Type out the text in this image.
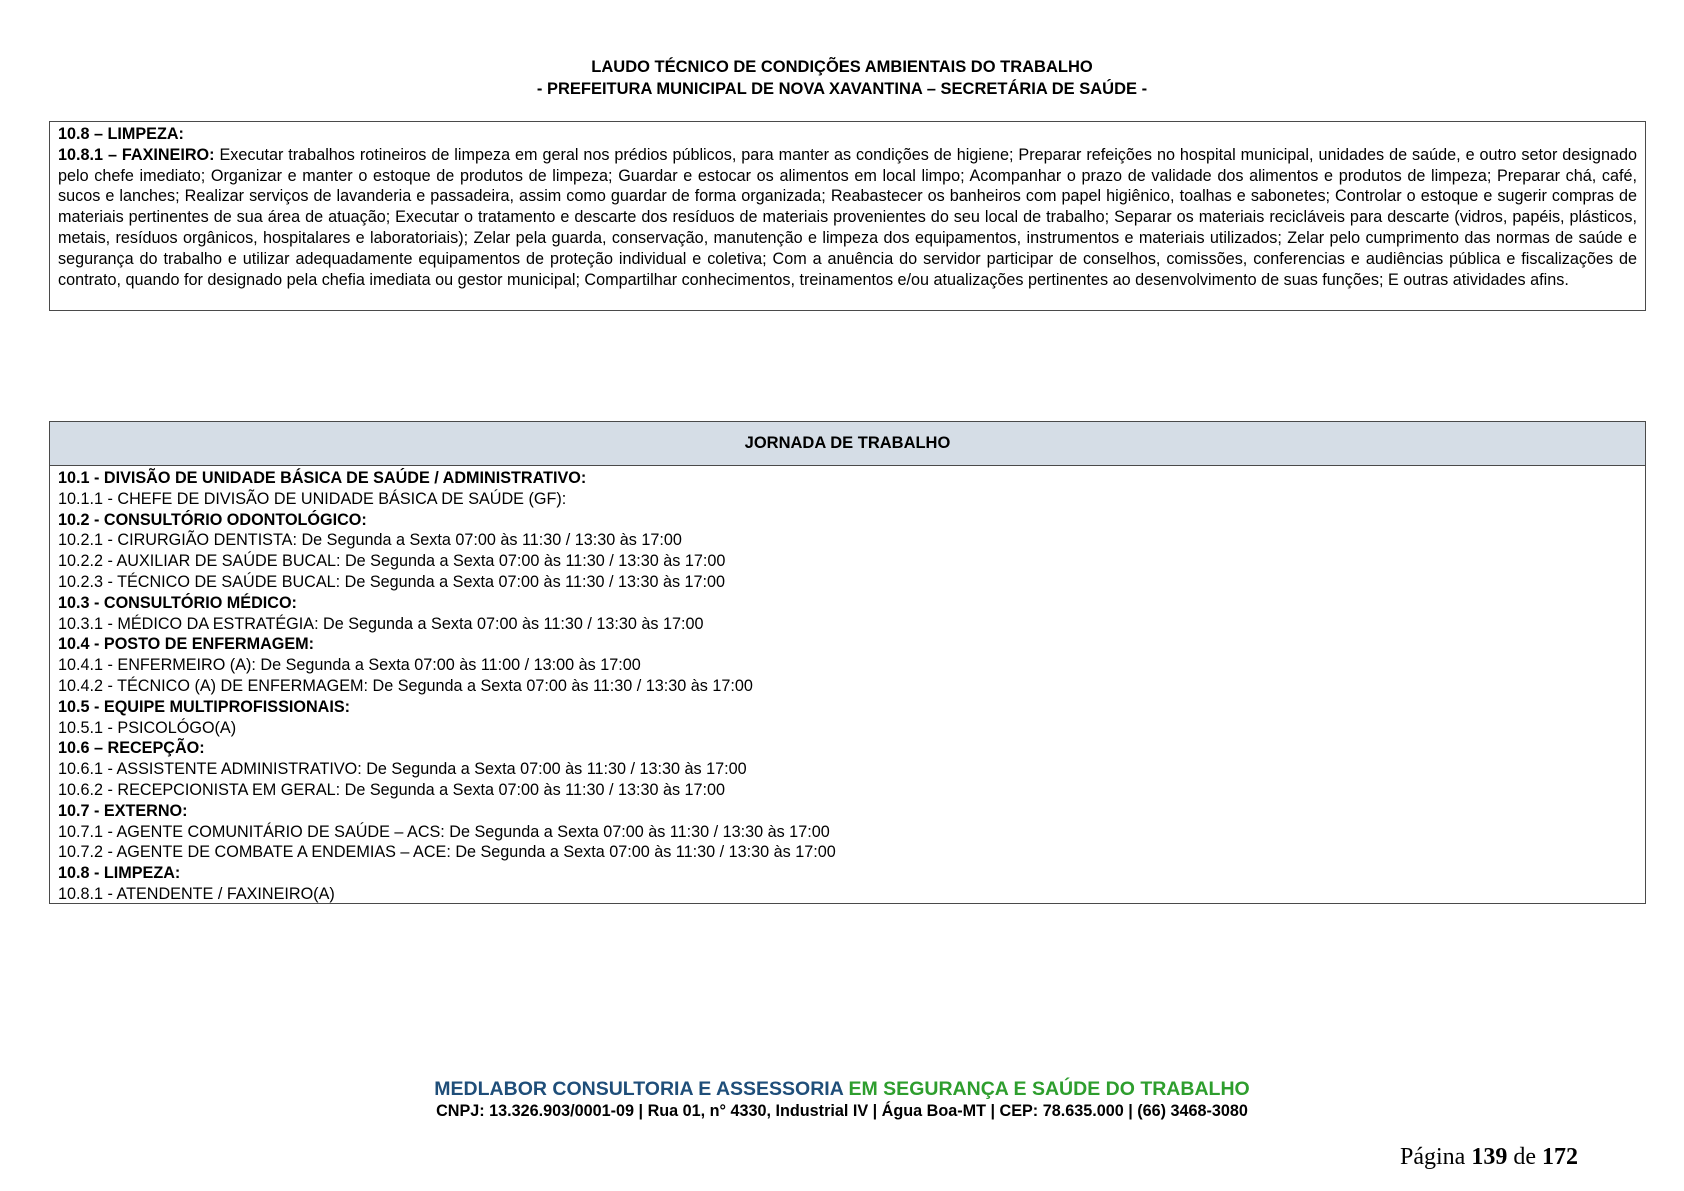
LAUDO TÉCNICO DE CONDIÇÕES AMBIENTAIS DO TRABALHO
- PREFEITURA MUNICIPAL DE NOVA XAVANTINA – SECRETÁRIA DE SAÚDE -

10.8 – LIMPEZA:

10.8.1 – FAXINEIRO: Executar trabalhos rotineiros de limpeza em geral nos prédios públicos, para manter as condições de higiene; Preparar refeições no hospital municipal, unidades de saúde, e outro setor designado pelo chefe imediato; Organizar e manter o estoque de produtos de limpeza; Guardar e estocar os alimentos em local limpo; Acompanhar o prazo de validade dos alimentos e produtos de limpeza; Preparar chá, café, sucos e lanches; Realizar serviços de lavanderia e passadeira, assim como guardar de forma organizada; Reabastecer os banheiros com papel higiênico, toalhas e sabonetes; Controlar o estoque e sugerir compras de materiais pertinentes de sua área de atuação; Executar o tratamento e descarte dos resíduos de materiais provenientes do seu local de trabalho; Separar os materiais recicláveis para descarte (vidros, papéis, plásticos, metais, resíduos orgânicos, hospitalares e laboratoriais); Zelar pela guarda, conservação, manutenção e limpeza dos equipamentos, instrumentos e materiais utilizados; Zelar pelo cumprimento das normas de saúde e segurança do trabalho e utilizar adequadamente equipamentos de proteção individual e coletiva; Com a anuência do servidor participar de conselhos, comissões, conferencias e audiências pública e fiscalizações de contrato, quando for designado pela chefia imediata ou gestor municipal; Compartilhar conhecimentos, treinamentos e/ou atualizações pertinentes ao desenvolvimento de suas funções; E outras atividades afins.

JORNADA DE TRABALHO
10.1 - DIVISÃO DE UNIDADE BÁSICA DE SAÚDE / ADMINISTRATIVO:
10.1.1 - CHEFE DE DIVISÃO DE UNIDADE BÁSICA DE SAÚDE (GF):
10.2 - CONSULTÓRIO ODONTOLÓGICO:
10.2.1 - CIRURGIÃO DENTISTA: De Segunda a Sexta 07:00 às 11:30 / 13:30 às 17:00
10.2.2 - AUXILIAR DE SAÚDE BUCAL: De Segunda a Sexta 07:00 às 11:30 / 13:30 às 17:00
10.2.3 - TÉCNICO DE SAÚDE BUCAL: De Segunda a Sexta 07:00 às 11:30 / 13:30 às 17:00
10.3 - CONSULTÓRIO MÉDICO:
10.3.1 - MÉDICO DA ESTRATÉGIA: De Segunda a Sexta 07:00 às 11:30 / 13:30 às 17:00
10.4 - POSTO DE ENFERMAGEM:
10.4.1 - ENFERMEIRO (A): De Segunda a Sexta 07:00 às 11:00 / 13:00 às 17:00
10.4.2 - TÉCNICO (A) DE ENFERMAGEM: De Segunda a Sexta 07:00 às 11:30 / 13:30 às 17:00
10.5 - EQUIPE MULTIPROFISSIONAIS:
10.5.1 - PSICOLÓGO(A)
10.6 – RECEPÇÃO:
10.6.1 - ASSISTENTE ADMINISTRATIVO: De Segunda a Sexta 07:00 às 11:30 / 13:30 às 17:00
10.6.2 - RECEPCIONISTA EM GERAL: De Segunda a Sexta 07:00 às 11:30 / 13:30 às 17:00
10.7 - EXTERNO:
10.7.1 - AGENTE COMUNITÁRIO DE SAÚDE – ACS: De Segunda a Sexta 07:00 às 11:30 / 13:30 às 17:00
10.7.2 - AGENTE DE COMBATE A ENDEMIAS – ACE: De Segunda a Sexta 07:00 às 11:30 / 13:30 às 17:00
10.8 - LIMPEZA:
10.8.1 - ATENDENTE / FAXINEIRO(A)
MEDLABOR CONSULTORIA E ASSESSORIA EM SEGURANÇA E SAÚDE DO TRABALHO
CNPJ: 13.326.903/0001-09 | Rua 01, n° 4330, Industrial IV | Água Boa-MT | CEP: 78.635.000 | (66) 3468-3080
Página 139 de 172
